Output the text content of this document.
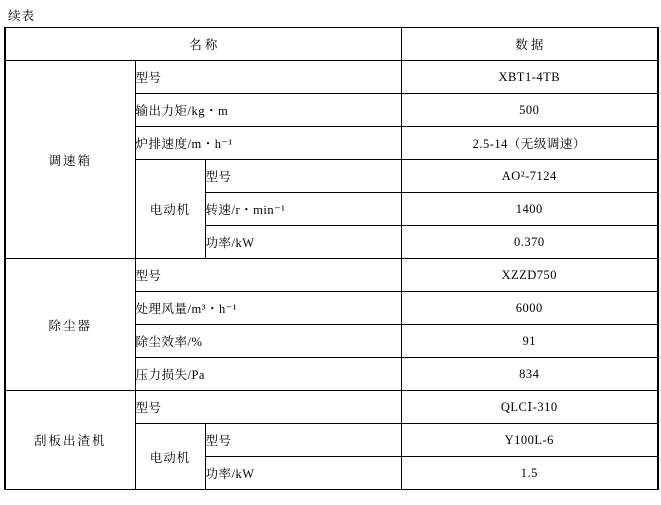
续表
名 称			数 据
调速箱	型号		XBT1-4TB
	输出力矩/kg・m		500
	炉排速度/m・h⁻¹		2.5-14（无级调速）
	电动机	型号	AO²-7124
		转速/r・min⁻¹	1400
		功率/kW	0.370
除尘器	型号		XZZD750
	处理风量/m³・h⁻¹		6000
	除尘效率/%		91
	压力损失/Pa		834
刮板出渣机	型号		QLCⅠ-310
	电动机	型号	Y100L-6
		功率/kW	1.5
